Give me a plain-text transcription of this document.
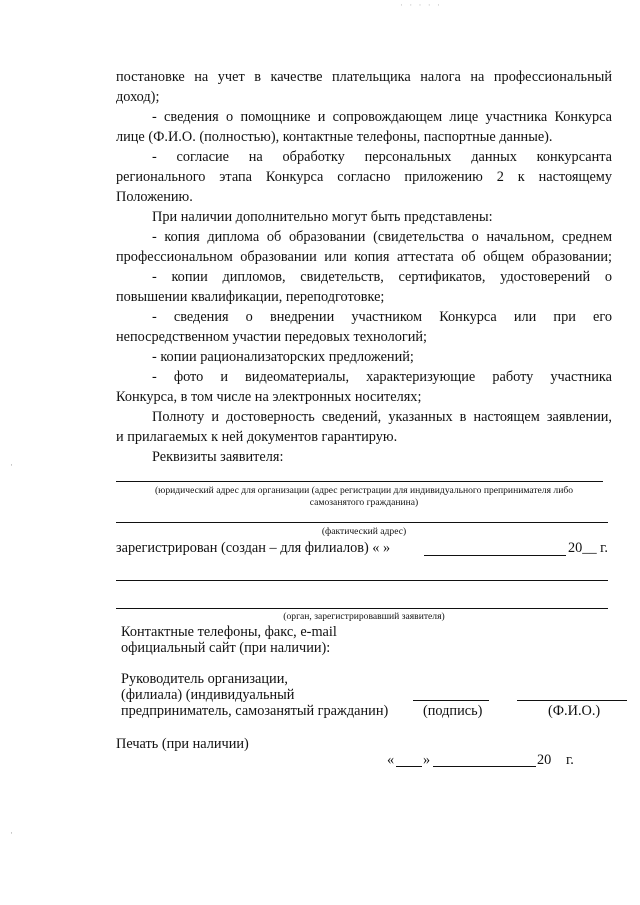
· · · · ·
постановке на учет в качестве плательщика налога на профессиональный
доход);
- сведения о помощнике и сопровождающем лице участника Конкурса
лице (Ф.И.О. (полностью), контактные телефоны, паспортные данные).
- согласие на обработку персональных данных конкурсанта
регионального этапа Конкурса согласно приложению 2 к настоящему
Положению.
При наличии дополнительно могут быть представлены:
- копия диплома об образовании (свидетельства о начальном, среднем
профессиональном образовании или копия аттестата об общем образовании;
- копии дипломов, свидетельств, сертификатов, удостоверений о
повышении квалификации, переподготовке;
- сведения о внедрении участником Конкурса или при его
непосредственном участии передовых технологий;
- копии рационализаторских предложений;
- фото и видеоматериалы, характеризующие работу участника
Конкурса, в том числе на электронных носителях;
Полноту и достоверность сведений, указанных в настоящем заявлении,
и прилагаемых к ней документов гарантирую.
Реквизиты заявителя:
(юридический адрес для организации (адрес регистрации для индивидуального препринимателя либо
самозанятого гражданина)
(фактический адрес)
зарегистрирован (создан – для филиалов) « »	20__ г.
(орган, зарегистрировавший заявителя)
Контактные телефоны, факс, e-mail
официальный сайт (при наличии):
Руководитель организации,
(филиала) (индивидуальный
предприниматель, самозанятый гражданин) (подпись)	(Ф.И.О.)
Печать (при наличии)
« »	20 г.
·
·
